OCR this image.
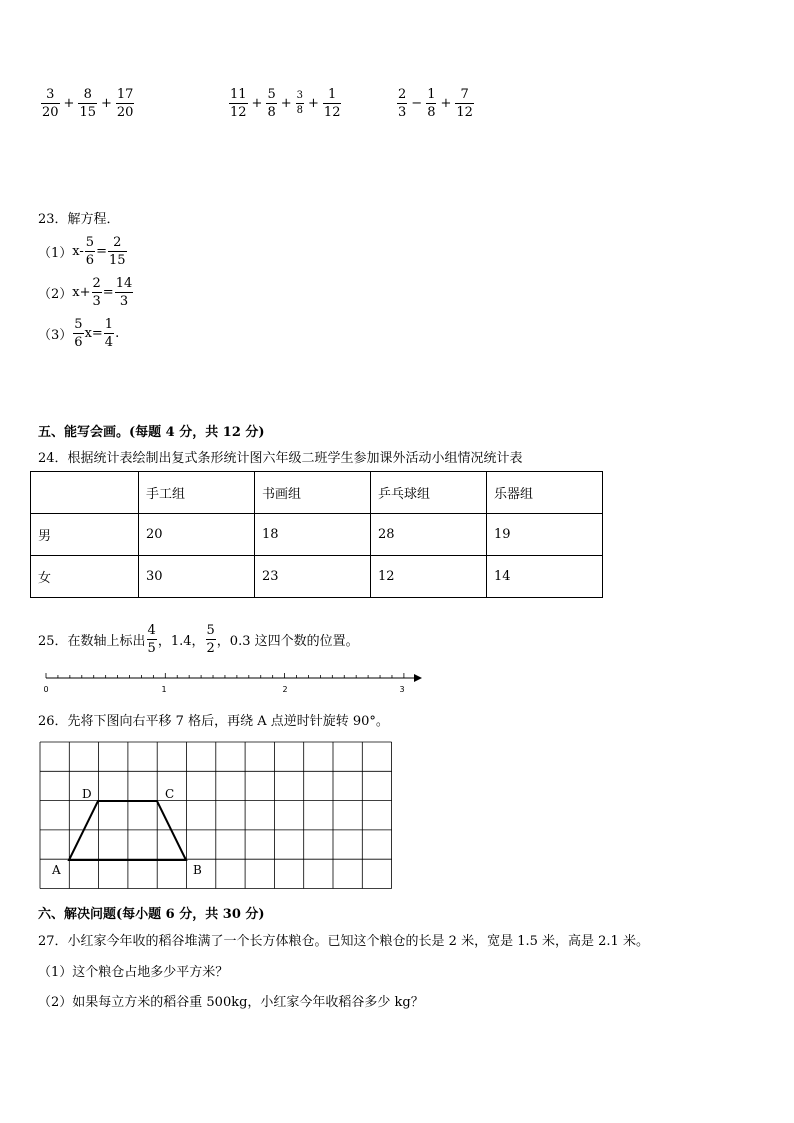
$\frac{3}{20} + \frac{8}{15} + \frac{17}{20}$	$\frac{11}{12} + \frac{5}{8} + \frac{3}{8} + \frac{1}{12}$	$\frac{2}{3} - \frac{1}{8} + \frac{7}{12}$
23．解方程．
（1） $x- \frac{5}{6} = \frac{2}{15}$
（2） $x+ \frac{2}{3} = \frac{14}{3}$
$(3) \frac{5}{6} x= \frac{1}{4}$ .
五、能写会画。(每题 4 分，共 12 分)
24．根据统计表绘制出复式条形统计图六年级二班学生参加课外活动小组情况统计表
	手工组	书画组	乒乓球组	乐器组
男	20	18	28	19
女	30	23	12	14
25．在数轴上标出 $\frac{4}{5}$ ，1.4， $\frac{5}{2}$ ，0.3 这四个数的位置。
0	1	2	3
26．先将下图向右平移 7 格后，再绕 A 点逆时针旋转 90°。
A	B
C
D
六、解决问题(每小题 6 分，共 30 分)
27．小红家今年收的稻谷堆满了一个长方体粮仓。已知这个粮仓的长是 2 米，宽是 1.5 米，高是 2.1 米。
（1）这个粮仓占地多少平方米？
（2）如果每立方米的稻谷重 500kg，小红家今年收稻谷多少 kg？
